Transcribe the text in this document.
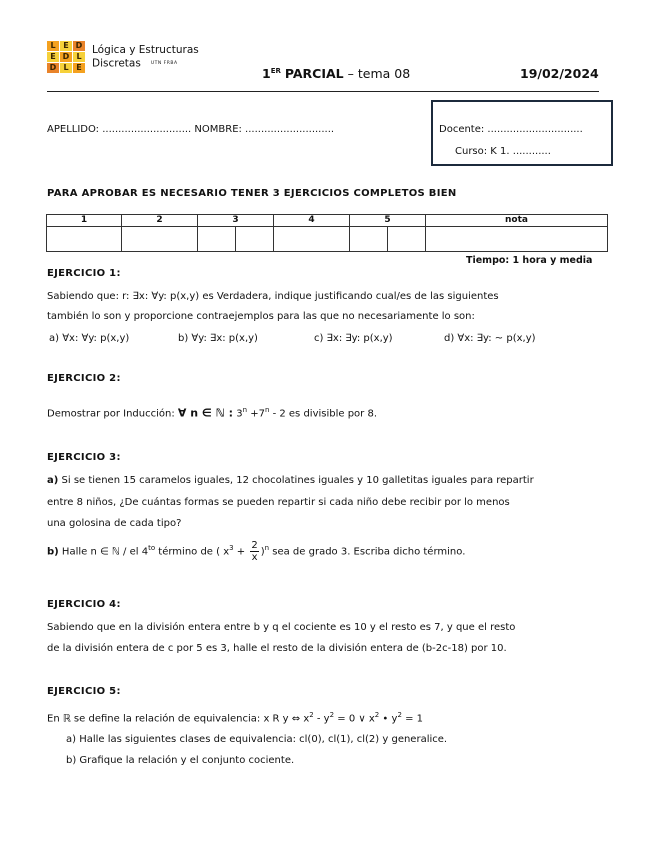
L E D
E D L
D L E
Lógica y Estructuras
Discretas UTN FRBA
1ER PARCIAL – tema 08	19/02/2024
APELLIDO: ............................ NOMBRE: ............................	Docente: ..............................
Curso: K 1. ............
PARA APROBAR ES NECESARIO TENER 3 EJERCICIOS COMPLETOS BIEN
1	2	3		4	5		nota

Tiempo: 1 hora y media
EJERCICIO 1:
Sabiendo que: r: ∃x: ∀y: p(x,y) es Verdadera, indique justificando cual/es de las siguientes
también lo son y proporcione contraejemplos para las que no necesariamente lo son:
a) ∀x: ∀y: p(x,y)	b) ∀y: ∃x: p(x,y)	c) ∃x: ∃y: p(x,y)	d) ∀x: ∃y: ~ p(x,y)
EJERCICIO 2:
Demostrar por Inducción: ∀ n ∈ ℕ : $3^n +7^n - 2$ es divisible por 8.
EJERCICIO 3:
a) Si se tienen 15 caramelos iguales, 12 chocolatines iguales y 10 galletitas iguales para repartir
entre 8 niños, ¿De cuántas formas se pueden repartir si cada niño debe recibir por lo menos
una golosina de cada tipo?
b) Halle n ∈ ℕ / el $4^{to}$ término de ( $x^3 + \frac{2}{x} )^n$ sea de grado 3. Escriba dicho término.
EJERCICIO 4:
Sabiendo que en la división entera entre b y q el cociente es 10 y el resto es 7, y que el resto
de la división entera de c por 5 es 3, halle el resto de la división entera de (b-2c-18) por 10.
EJERCICIO 5:
En ℝ se define la relación de equivalencia: x R y ⇔ $x^2 - y^2 = 0$ ∨ $x^2$ • $y^2 = 1$
a) Halle las siguientes clases de equivalencia: cl(0), cl(1), cl(2) y generalice.
b) Grafique la relación y el conjunto cociente.
